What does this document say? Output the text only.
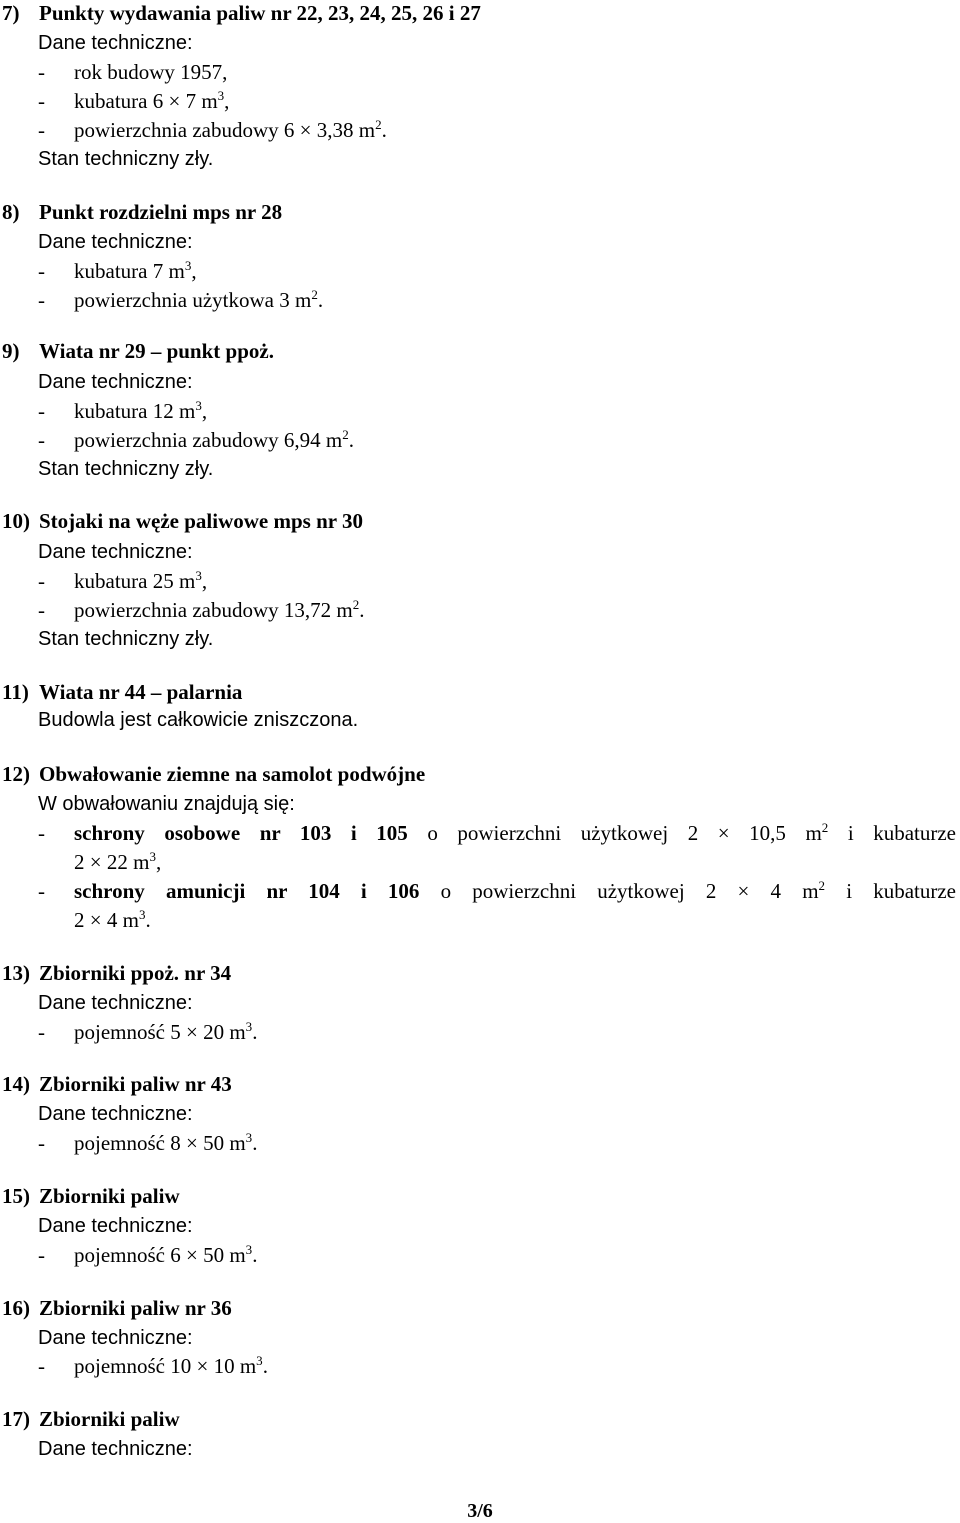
7) Punkty wydawania paliw nr 22, 23, 24, 25, 26 i 27
Dane techniczne:
- rok budowy 1957,
- kubatura 6 × 7 $m^3$,
- powierzchnia zabudowy 6 × 3,38 $m^2$.
Stan techniczny zły.
8) Punkt rozdzielni mps nr 28
Dane techniczne:
- kubatura 7 $m^3$,
- powierzchnia użytkowa 3 $m^2$.
9) Wiata nr 29 – punkt ppoż.
Dane techniczne:
- kubatura 12 $m^3$,
- powierzchnia zabudowy 6,94 $m^2$.
Stan techniczny zły.
10) Stojaki na węże paliwowe mps nr 30
Dane techniczne:
- kubatura 25 $m^3$,
- powierzchnia zabudowy 13,72 $m^2$.
Stan techniczny zły.
11) Wiata nr 44 – palarnia
Budowla jest całkowicie zniszczona.
12) Obwałowanie ziemne na samolot podwójne
W obwałowaniu znajdują się:
- schrony osobowe nr 103 i 105 o powierzchni użytkowej 2 × 10,5 $m^2$ i kubaturze
2 × 22 $m^3$,
- schrony amunicji nr 104 i 106 o powierzchni użytkowej 2 × 4 $m^2$ i kubaturze
2 × 4 $m^3$.
13) Zbiorniki ppoż. nr 34
Dane techniczne:
- pojemność 5 × 20 $m^3$.
14) Zbiorniki paliw nr 43
Dane techniczne:
- pojemność 8 × 50 $m^3$.
15) Zbiorniki paliw
Dane techniczne:
- pojemność 6 × 50 $m^3$.
16) Zbiorniki paliw nr 36
Dane techniczne:
- pojemność 10 × 10 $m^3$.
17) Zbiorniki paliw
Dane techniczne:
3/6
